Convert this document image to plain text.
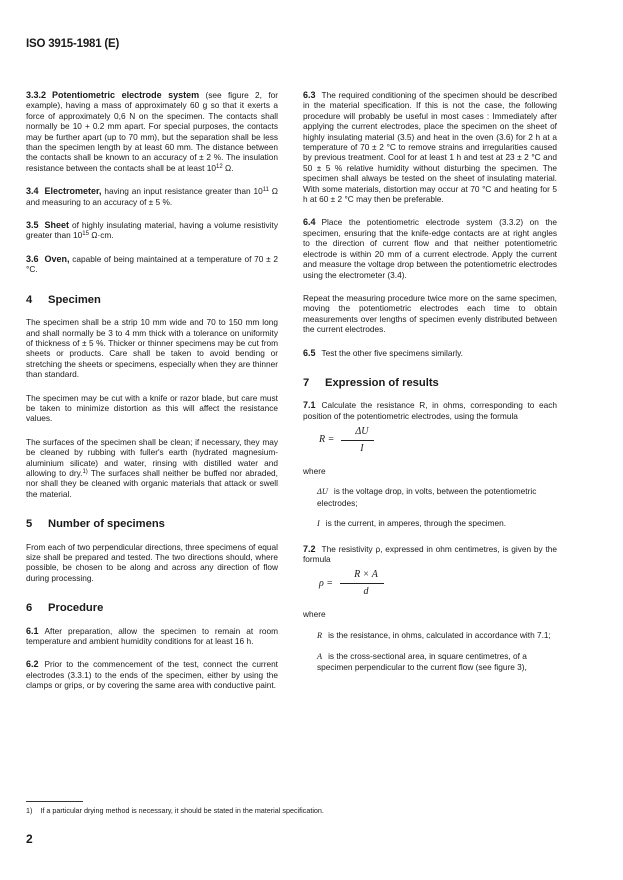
ISO 3915-1981 (E)

3.3.2 Potentiometric electrode system (see figure 2, for example), having a mass of approximately 60 g so that it exerts a force of approximately 0,6 N on the specimen. The contacts shall normally be 10 + 0.2 mm apart. For special purposes, the contacts may be further apart (up to 70 mm), but the separation shall be less than the specimen length by at least 60 mm. The distance between the contacts shall be known to an accuracy of ± 2 %. The insulation resistance between the contacts shall be at least $10^{12}$ Ω.

3.4 Electrometer, having an input resistance greater than $10^{11}$ Ω and measuring to an accuracy of ± 5 %.

3.5 Sheet of highly insulating material, having a volume resistivity greater than $10^{15}$ Ω·cm.

3.6 Oven, capable of being maintained at a temperature of 70 ± 2 °C.

4 Specimen

The specimen shall be a strip 10 mm wide and 70 to 150 mm long and shall normally be 3 to 4 mm thick with a tolerance on uniformity of thickness of ± 5 %. Thicker or thinner specimens may be cut from sheets or products. Care shall be taken to avoid bending or stretching the sheets or specimens, especially when they are thinner than standard.

The specimen may be cut with a knife or razor blade, but care must be taken to minimize distortion as this will affect the resistance values.

The surfaces of the specimen shall be clean; if necessary, they may be cleaned by rubbing with fuller's earth (hydrated magnesium-aluminium silicate) and water, rinsing with distilled water and allowing to dry.$^{1)}$ The surfaces shall neither be buffed nor abraded, nor shall they be cleaned with organic materials that attack or swell the material.

5 Number of specimens

From each of two perpendicular directions, three specimens of equal size shall be prepared and tested. The two directions should, where possible, be chosen to be along and across any direction of flow during processing.

6 Procedure

6.1 After preparation, allow the specimen to remain at room temperature and ambient humidity conditions for at least 16 h.

6.2 Prior to the commencement of the test, connect the current electrodes (3.3.1) to the ends of the specimen, either by using the clamps or grips, or by covering the same area with conductive paint.

6.3 The required conditioning of the specimen should be described in the material specification. If this is not the case, the following procedure will probably be useful in most cases : Immediately after applying the current electrodes, place the specimen on the sheet of highly insulating material (3.5) and heat in the oven (3.6) for 2 h at a temperature of 70 ± 2 °C to remove strains and irregularities caused by previous treatment. Cool for at least 1 h and test at 23 ± 2 °C and 50 ± 5 % relative humidity without disturbing the specimen. The specimen shall always be tested on the sheet of insulating material. With some materials, distortion may occur at 70 °C and heating for 5 h at 60 ± 2 °C may then be preferable.

6.4 Place the potentiometric electrode system (3.3.2) on the specimen, ensuring that the knife-edge contacts are at right angles to the direction of current flow and that neither potentiometric electrode is within 20 mm of a current electrode. Apply the current and measure the voltage drop between the potentiometric electrodes using the electrometer (3.4).

Repeat the measuring procedure twice more on the same specimen, moving the potentiometric electrodes each time to obtain measurements over lengths of specimen evenly distributed between the current electrodes.

6.5 Test the other five specimens similarly.

7 Expression of results

7.1 Calculate the resistance R, in ohms, corresponding to each position of the potentiometric electrodes, using the formula

$R = \frac{\Delta U}{I}$

where

ΔU is the voltage drop, in volts, between the potentiometric electrodes;

I is the current, in amperes, through the specimen.

7.2 The resistivity ρ, expressed in ohm centimetres, is given by the formula

$\rho = \frac{R \times A}{d}$

where

R is the resistance, in ohms, calculated in accordance with 7.1;

A is the cross-sectional area, in square centimetres, of a specimen perpendicular to the current flow (see figure 3),

1) If a particular drying method is necessary, it should be stated in the material specification.
2
